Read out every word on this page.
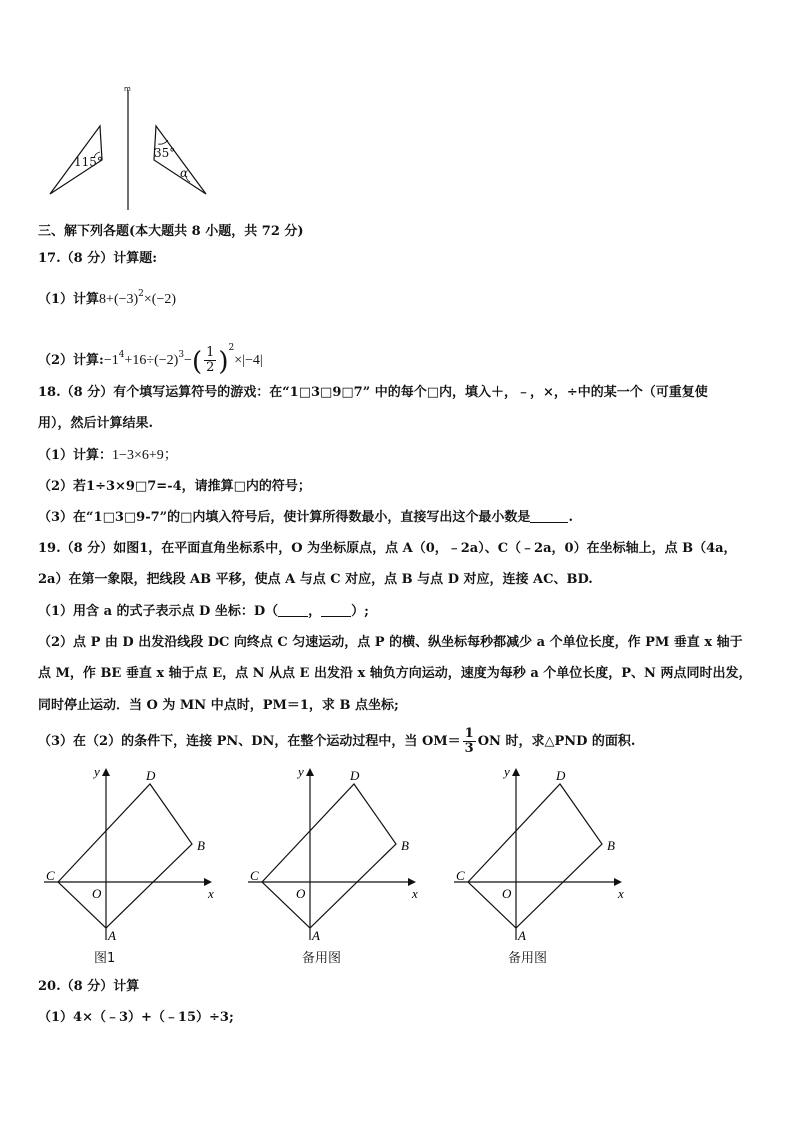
m
115°
35°
α
三、解下列各题(本大题共 8 小题，共 72 分)
17.（8 分）计算题:
（1）计算$8+(-3)^2\times(-2)$
（2）计算$:-1^4+16\div(-2)^3-( \frac{1}{2} )^2\times|-4|$
18.（8 分）有个填写运算符号的游戏：在“1□3□9□7” 中的每个□内，填入＋，﹣，×，÷中的某一个（可重复使
用），然后计算结果.
（1）计算：1−3×6+9；
（2）若1÷3×9□7=-4，请推算□内的符号；
（3）在“1□3□9-7”的□内填入符号后，使计算所得数最小，直接写出这个最小数是	.
19.（8 分）如图1，在平面直角坐标系中，O 为坐标原点，点 A（0，﹣2a）、C（﹣2a，0）在坐标轴上，点 B（4a，
2a）在第一象限，把线段 AB 平移，使点 A 与点 C 对应，点 B 与点 D 对应，连接 AC、BD.
（1）用含 a 的式子表示点 D 坐标：D（ ， ）;
（2）点 P 由 D 出发沿线段 DC 向终点 C 匀速运动，点 P 的横、纵坐标每秒都减少 a 个单位长度，作 PM 垂直 x 轴于
点 M，作 BE 垂直 x 轴于点 E，点 N 从点 E 出发沿 x 轴负方向运动，速度为每秒 a 个单位长度，P、N 两点同时出发，
同时停止运动．当 O 为 MN 中点时，PM＝1，求 B 点坐标;
（3）在（2）的条件下，连接 PN、DN，在整个运动过程中，当 $OM= \frac{1}{3}$ ON 时，求△PND 的面积.
y
x
O
A
B
C
D
图1
y
x
O
A
B
C
D
备用图
y
x
O
A
B
C
D
备用图
20.（8 分）计算
（1）4×（﹣3）+（﹣15）÷3;
